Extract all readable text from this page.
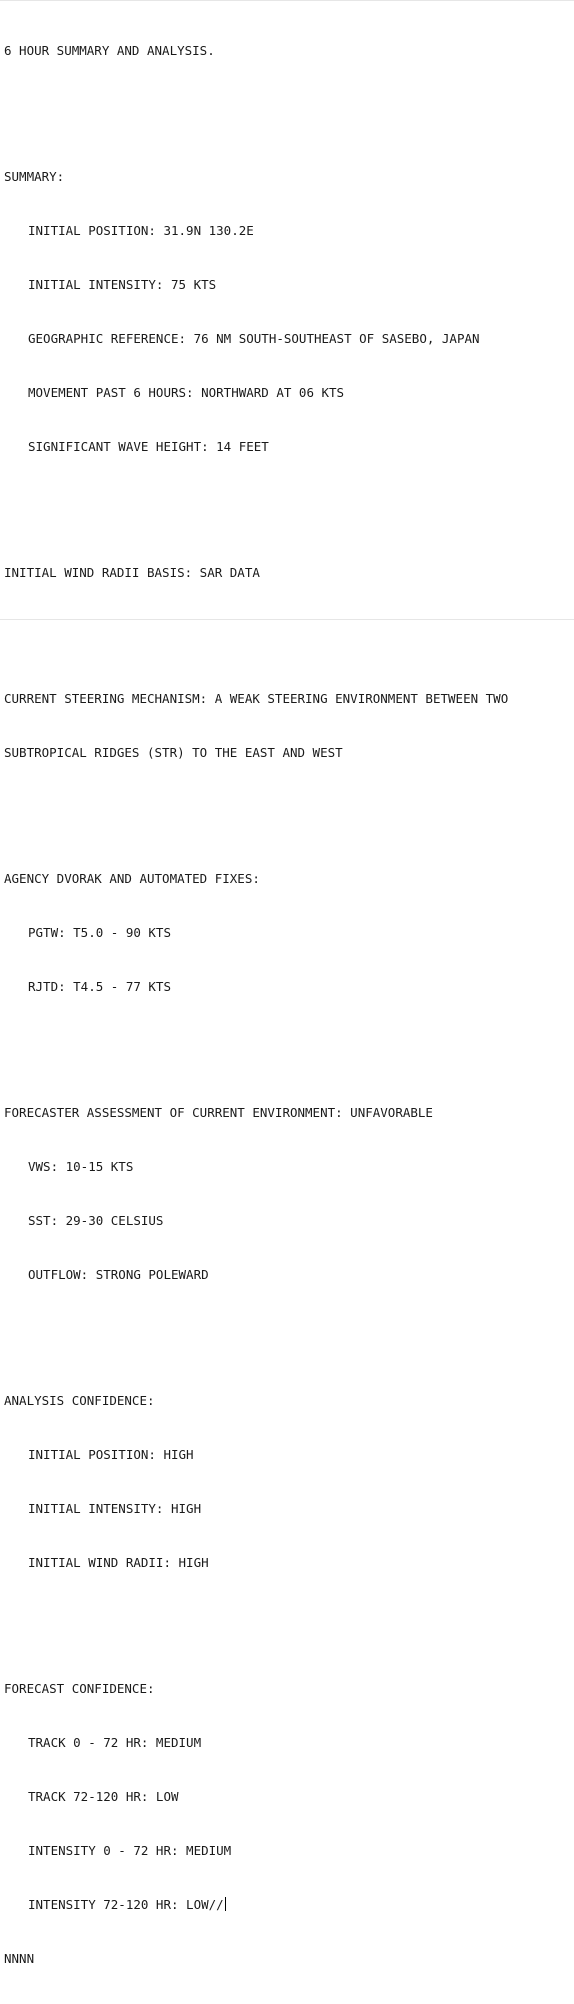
6 HOUR SUMMARY AND ANALYSIS.

SUMMARY:

INITIAL POSITION: 31.9N 130.2E

INITIAL INTENSITY: 75 KTS

GEOGRAPHIC REFERENCE: 76 NM SOUTH-SOUTHEAST OF SASEBO, JAPAN

MOVEMENT PAST 6 HOURS: NORTHWARD AT 06 KTS

SIGNIFICANT WAVE HEIGHT: 14 FEET

INITIAL WIND RADII BASIS: SAR DATA

CURRENT STEERING MECHANISM: A WEAK STEERING ENVIRONMENT BETWEEN TWO

SUBTROPICAL RIDGES (STR) TO THE EAST AND WEST

AGENCY DVORAK AND AUTOMATED FIXES:

PGTW: T5.0 - 90 KTS

RJTD: T4.5 - 77 KTS

FORECASTER ASSESSMENT OF CURRENT ENVIRONMENT: UNFAVORABLE

VWS: 10-15 KTS

SST: 29-30 CELSIUS

OUTFLOW: STRONG POLEWARD

ANALYSIS CONFIDENCE:

INITIAL POSITION: HIGH

INITIAL INTENSITY: HIGH

INITIAL WIND RADII: HIGH

FORECAST CONFIDENCE:

TRACK 0 - 72 HR: MEDIUM

TRACK 72-120 HR: LOW

INTENSITY 0 - 72 HR: MEDIUM

INTENSITY 72-120 HR: LOW//

NNNN
